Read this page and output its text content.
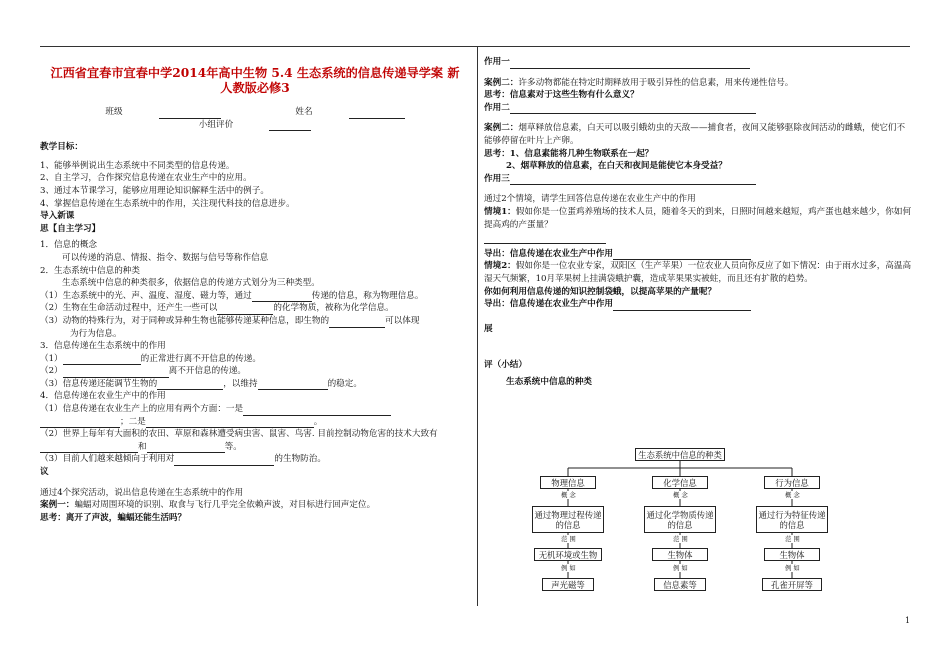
江西省宜春市宜春中学2014年高中生物 5.4 生态系统的信息传递导学案 新人教版必修3
班级	姓名 小组评价

教学目标：

1、能够举例说出生态系统中不同类型的信息传递。

2、自主学习，合作探究信息传递在农业生产中的应用。

3、通过本节课学习，能够应用理论知识解释生活中的例子。

4、掌握信息传递在生态系统中的作用，关注现代科技的信息进步。

导入新课

思【自主学习】

1．信息的概念

可以传递的消息、情报、指令、数据与信号等称作信息

2．生态系统中信息的种类

生态系统中信息的种类很多，依据信息的传递方式划分为三种类型。

（1）生态系统中的光、声、温度、湿度、磁力等，通过	传递的信息，称为物理信息。

（2）生物在生命活动过程中，还产生一些可以	的化学物质，被称为化学信息。

（3）动物的特殊行为，对于同种或异种生物也能够传递某种信息，即生物的	可以体现

为行为信息。

3．信息传递在生态系统中的作用

（1）	的正常进行离不开信息的传递。

（2）	离不开信息的传递。

（3）信息传递还能调节生物的	，以维持	的稳定。

4．信息传递在农业生产中的作用

（1）信息传递在农业生产上的应用有两个方面：一是

；二是	。

（2）世界上每年有大面积的农田、草原和森林遭受病虫害、鼠害、鸟害. 目前控制动物危害的技术大致有

和	等。

（3）目前人们越来越倾向于利用对	的生物防治。

议

通过4个探究活动，说出信息传递在生态系统中的作用

案例一：蝙蝠对周围环境的识别、取食与飞行几乎完全依赖声波，对目标进行回声定位。

思考：离开了声波，蝙蝠还能生活吗？

作用一

案例二：许多动物都能在特定时期释放用于吸引异性的信息素，用来传递性信号。

思考：信息素对于这些生物有什么意义？

作用二

案例二：烟草释放信息素，白天可以吸引蛾幼虫的天敌——捕食者，夜间又能够驱除夜间活动的雌蛾，使它们不能够停留在叶片上产卵。

思考：1、信息素能将几种生物联系在一起？

2、烟草释放的信息素，在白天和夜间是能使它本身受益？

作用三

通过2个情境，请学生回答信息传递在农业生产中的作用

情境1：假如你是一位蛋鸡养殖场的技术人员，随着冬天的到来，日照时间越来越短，鸡产蛋也越来越少，你如何提高鸡的产蛋量？

导出：信息传递在农业生产中作用

情境2：假如你是一位农业专家，双阳区（生产苹果）一位农业人员向你反应了如下情况：由于雨水过多，高温高湿天气频繁，10月苹果树上挂满袋蛾护囊，造成苹果果实被蛀，而且还有扩散的趋势。

你如何利用信息传递的知识控制袋蛾，以提高苹果的产量呢？

导出：信息传递在农业生产中作用

展

评（小结）

生态系统中信息的种类

生态系统中信息的种类
物理信息	化学信息	行为信息
概 念	概 念	概 念
通过物理过程传递的信息
通过化学物质传递的信息
通过行为特征传递的信息
范 围	范 围	范 围
无机环境或生物	生物体	生物体
例 如	例 如	例 如
声光磁等	信息素等	孔雀开屏等
1
